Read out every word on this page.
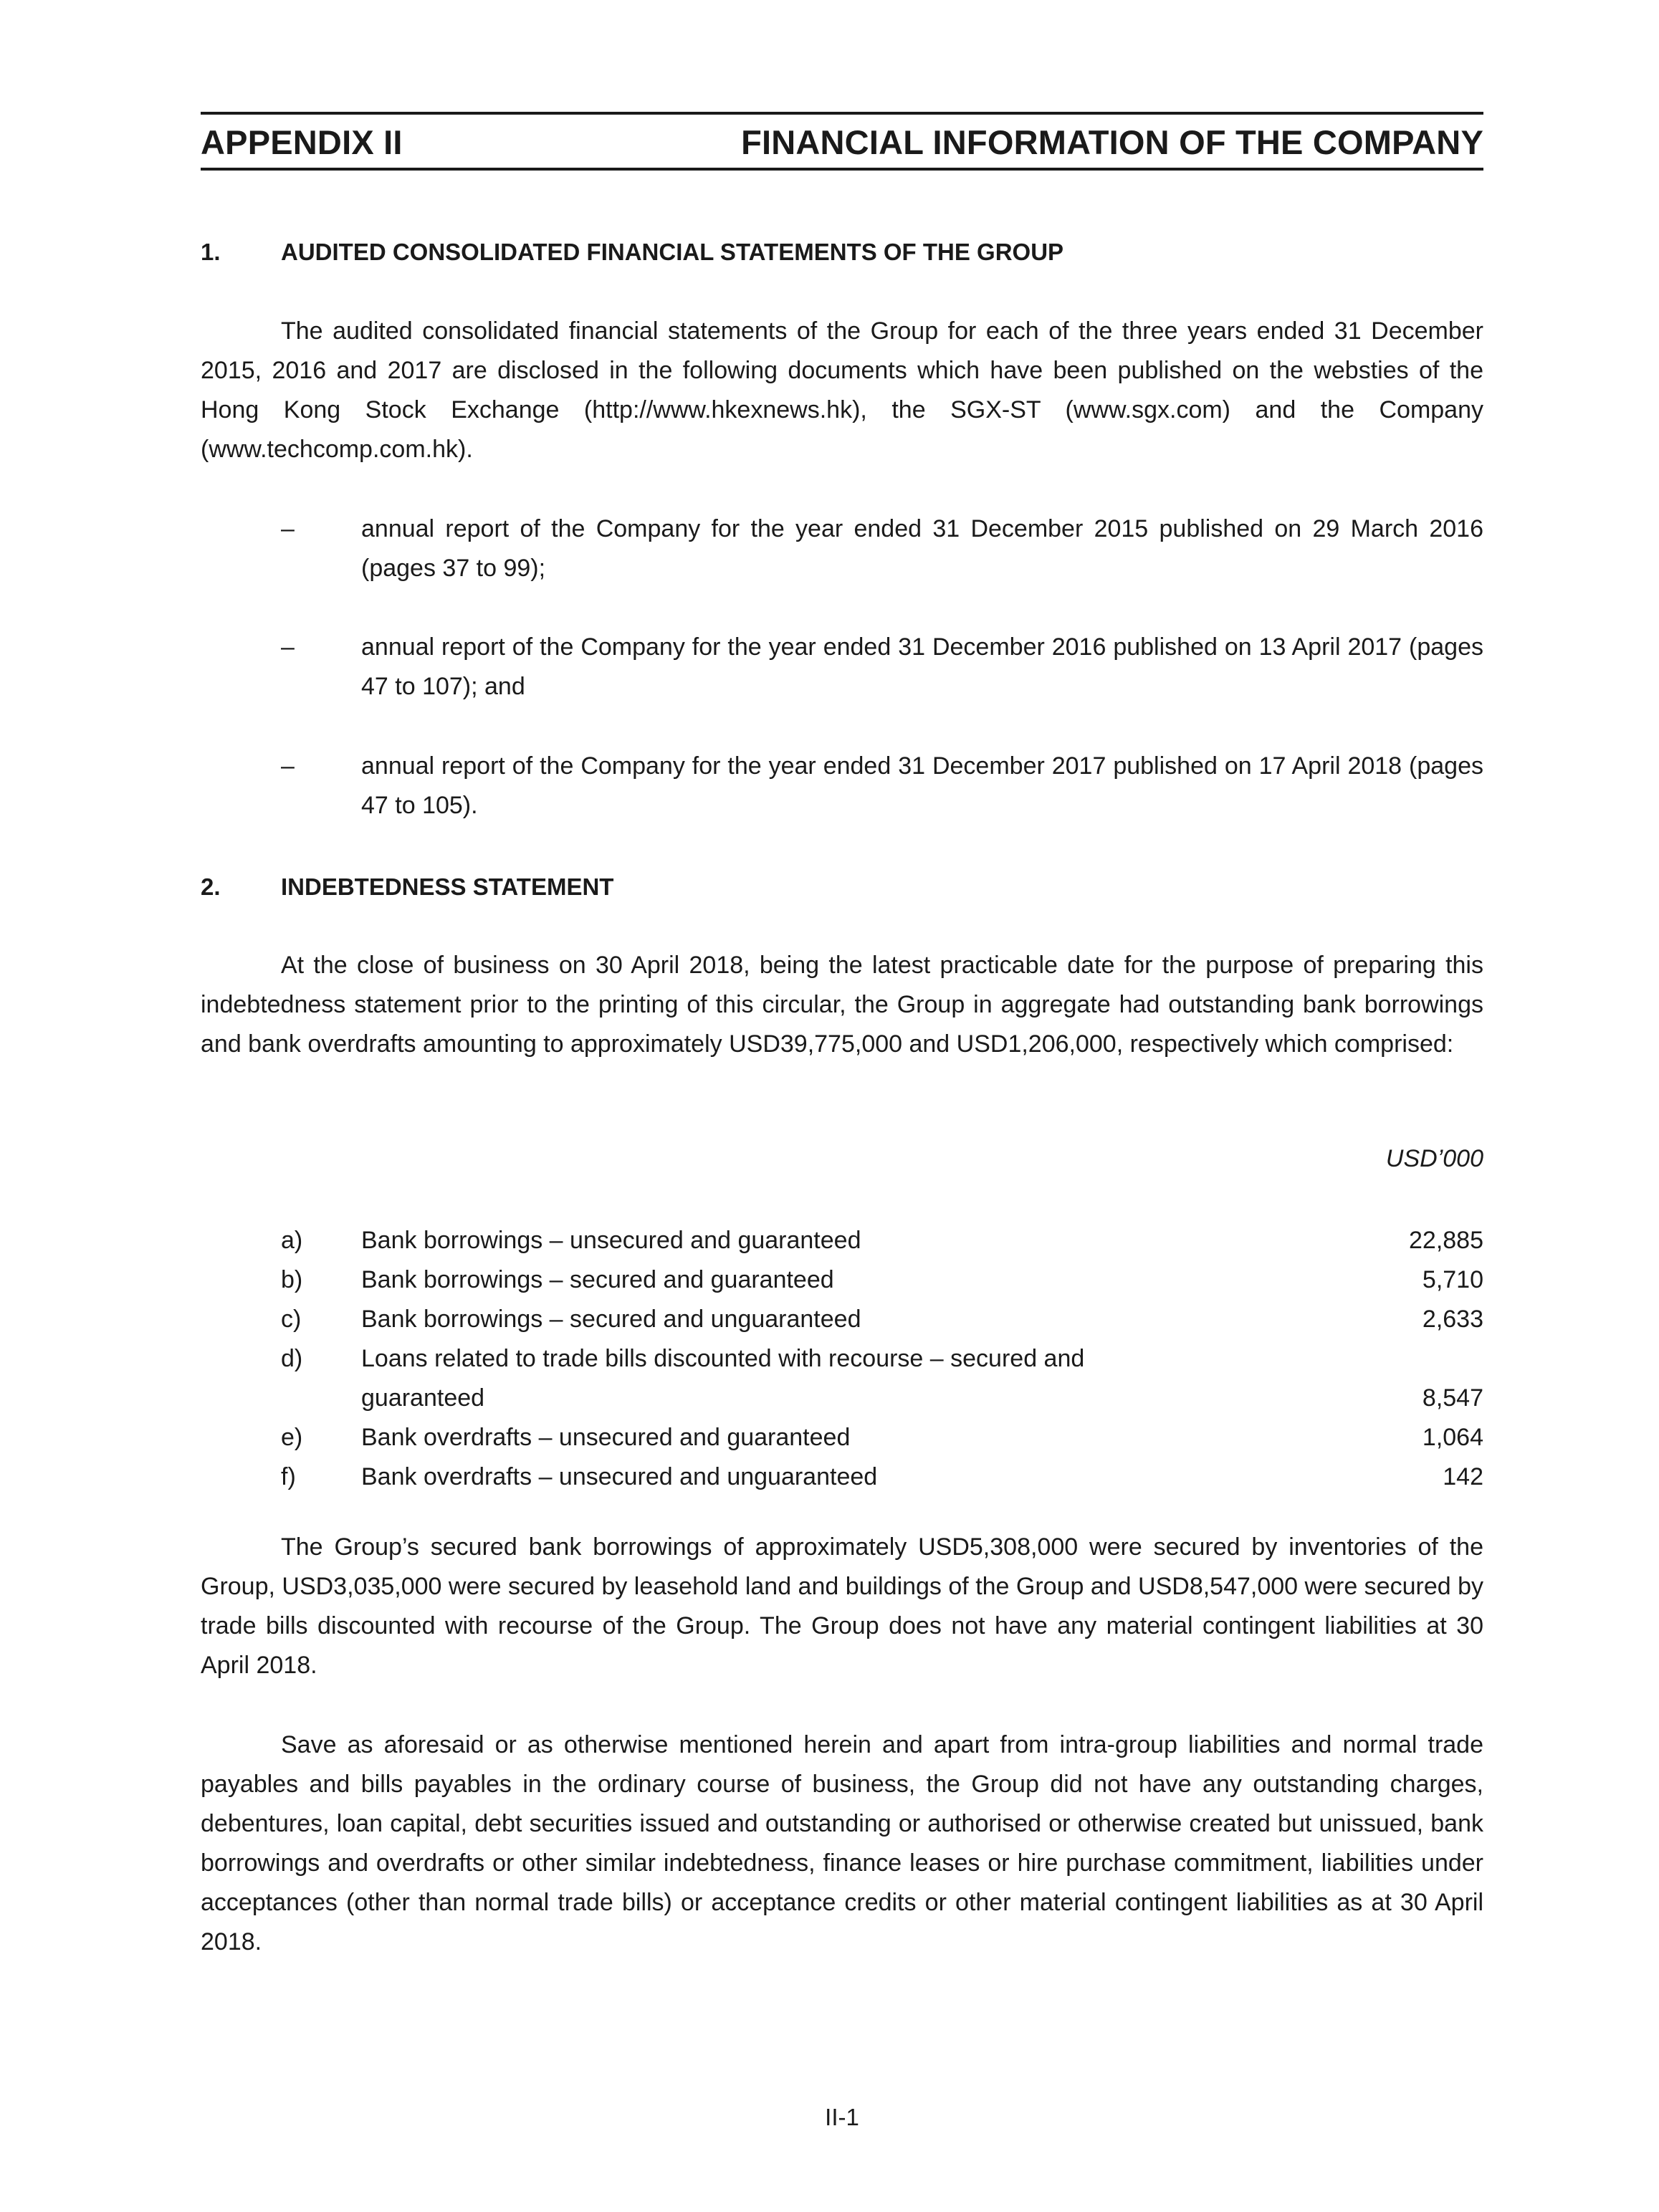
APPENDIX II	FINANCIAL INFORMATION OF THE COMPANY
1.	AUDITED CONSOLIDATED FINANCIAL STATEMENTS OF THE GROUP

The audited consolidated financial statements of the Group for each of the three years ended 31 December 2015, 2016 and 2017 are disclosed in the following documents which have been published on the websties of the Hong Kong Stock Exchange (http://www.hkexnews.hk), the SGX-ST (www.sgx.com) and the Company (www.techcomp.com.hk).

–	annual report of the Company for the year ended 31 December 2015 published on 29 March 2016 (pages 37 to 99);
–	annual report of the Company for the year ended 31 December 2016 published on 13 April 2017 (pages 47 to 107); and
–	annual report of the Company for the year ended 31 December 2017 published on 17 April 2018 (pages 47 to 105).
2.	INDEBTEDNESS STATEMENT

At the close of business on 30 April 2018, being the latest practicable date for the purpose of preparing this indebtedness statement prior to the printing of this circular, the Group in aggregate had outstanding bank borrowings and bank overdrafts amounting to approximately USD39,775,000 and USD1,206,000, respectively which comprised:

USD’000
a)	Bank borrowings – unsecured and guaranteed	22,885
b)	Bank borrowings – secured and guaranteed	5,710
c)	Bank borrowings – secured and unguaranteed	2,633
d)	Loans related to trade bills discounted with recourse – secured and guaranteed	8,547
e)	Bank overdrafts – unsecured and guaranteed	1,064
f)	Bank overdrafts – unsecured and unguaranteed	142

The Group’s secured bank borrowings of approximately USD5,308,000 were secured by inventories of the Group, USD3,035,000 were secured by leasehold land and buildings of the Group and USD8,547,000 were secured by trade bills discounted with recourse of the Group. The Group does not have any material contingent liabilities at 30 April 2018.

Save as aforesaid or as otherwise mentioned herein and apart from intra-group liabilities and normal trade payables and bills payables in the ordinary course of business, the Group did not have any outstanding charges, debentures, loan capital, debt securities issued and outstanding or authorised or otherwise created but unissued, bank borrowings and overdrafts or other similar indebtedness, finance leases or hire purchase commitment, liabilities under acceptances (other than normal trade bills) or acceptance credits or other material contingent liabilities as at 30 April 2018.

II-1
